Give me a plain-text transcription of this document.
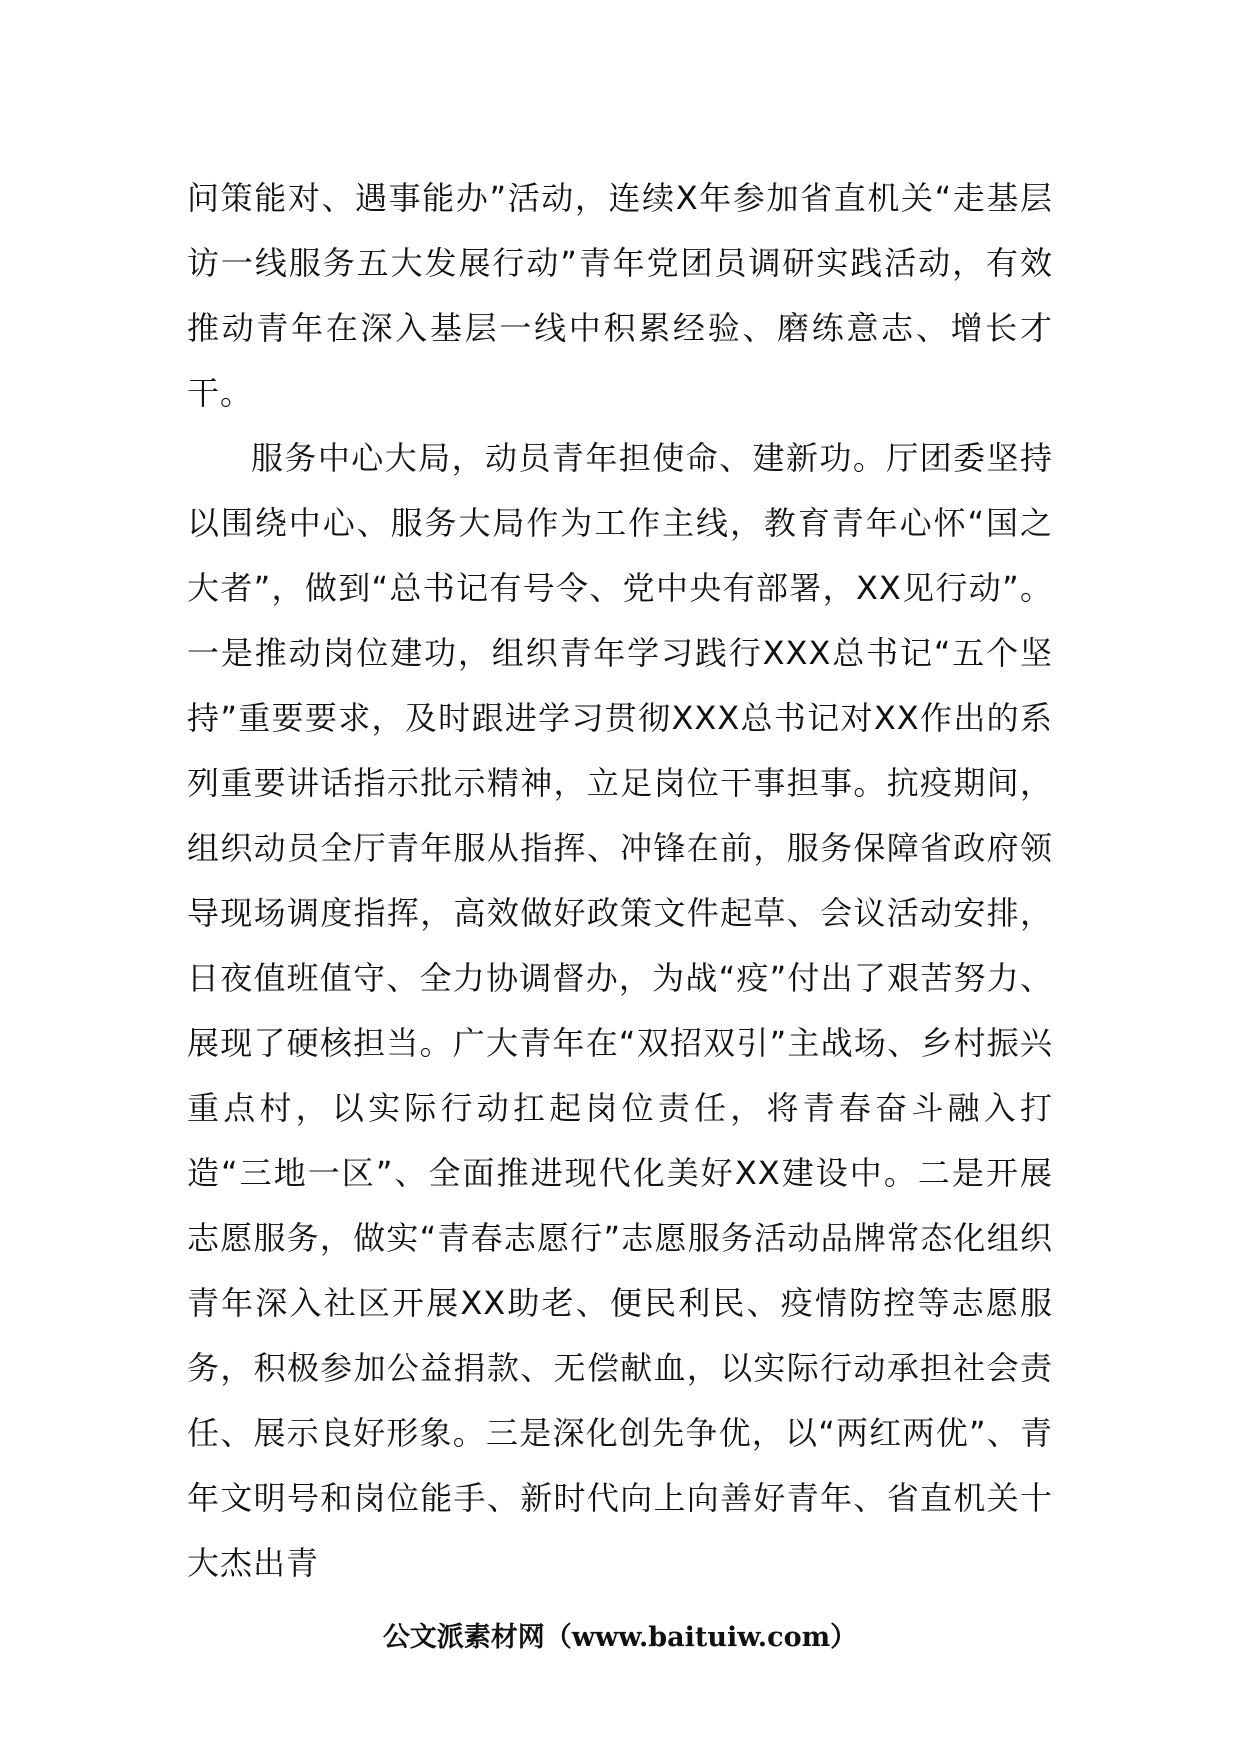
问策能对、遇事能办”活动，连续X年参加省直机关“走基层访一线服务五大发展行动”青年党团员调研实践活动，有效推动青年在深入基层一线中积累经验、磨练意志、增长才干。

服务中心大局，动员青年担使命、建新功。厅团委坚持以围绕中心、服务大局作为工作主线，教育青年心怀“国之大者”，做到“总书记有号令、党中央有部署，XX见行动”。一是推动岗位建功，组织青年学习践行XXX总书记“五个坚持”重要要求，及时跟进学习贯彻XXX总书记对XX作出的系列重要讲话指示批示精神，立足岗位干事担事。抗疫期间，组织动员全厅青年服从指挥、冲锋在前，服务保障省政府领导现场调度指挥，高效做好政策文件起草、会议活动安排，日夜值班值守、全力协调督办，为战“疫”付出了艰苦努力、展现了硬核担当。广大青年在“双招双引”主战场、乡村振兴重点村，以实际行动扛起岗位责任，将青春奋斗融入打造“三地一区”、全面推进现代化美好XX建设中。二是开展志愿服务，做实“青春志愿行”志愿服务活动品牌常态化组织青年深入社区开展XX助老、便民利民、疫情防控等志愿服务，积极参加公益捐款、无偿献血，以实际行动承担社会责任、展示良好形象。三是深化创先争优，以“两红两优”、青年文明号和岗位能手、新时代向上向善好青年、省直机关十大杰出青

公文派素材网（www.baituiw.com）
